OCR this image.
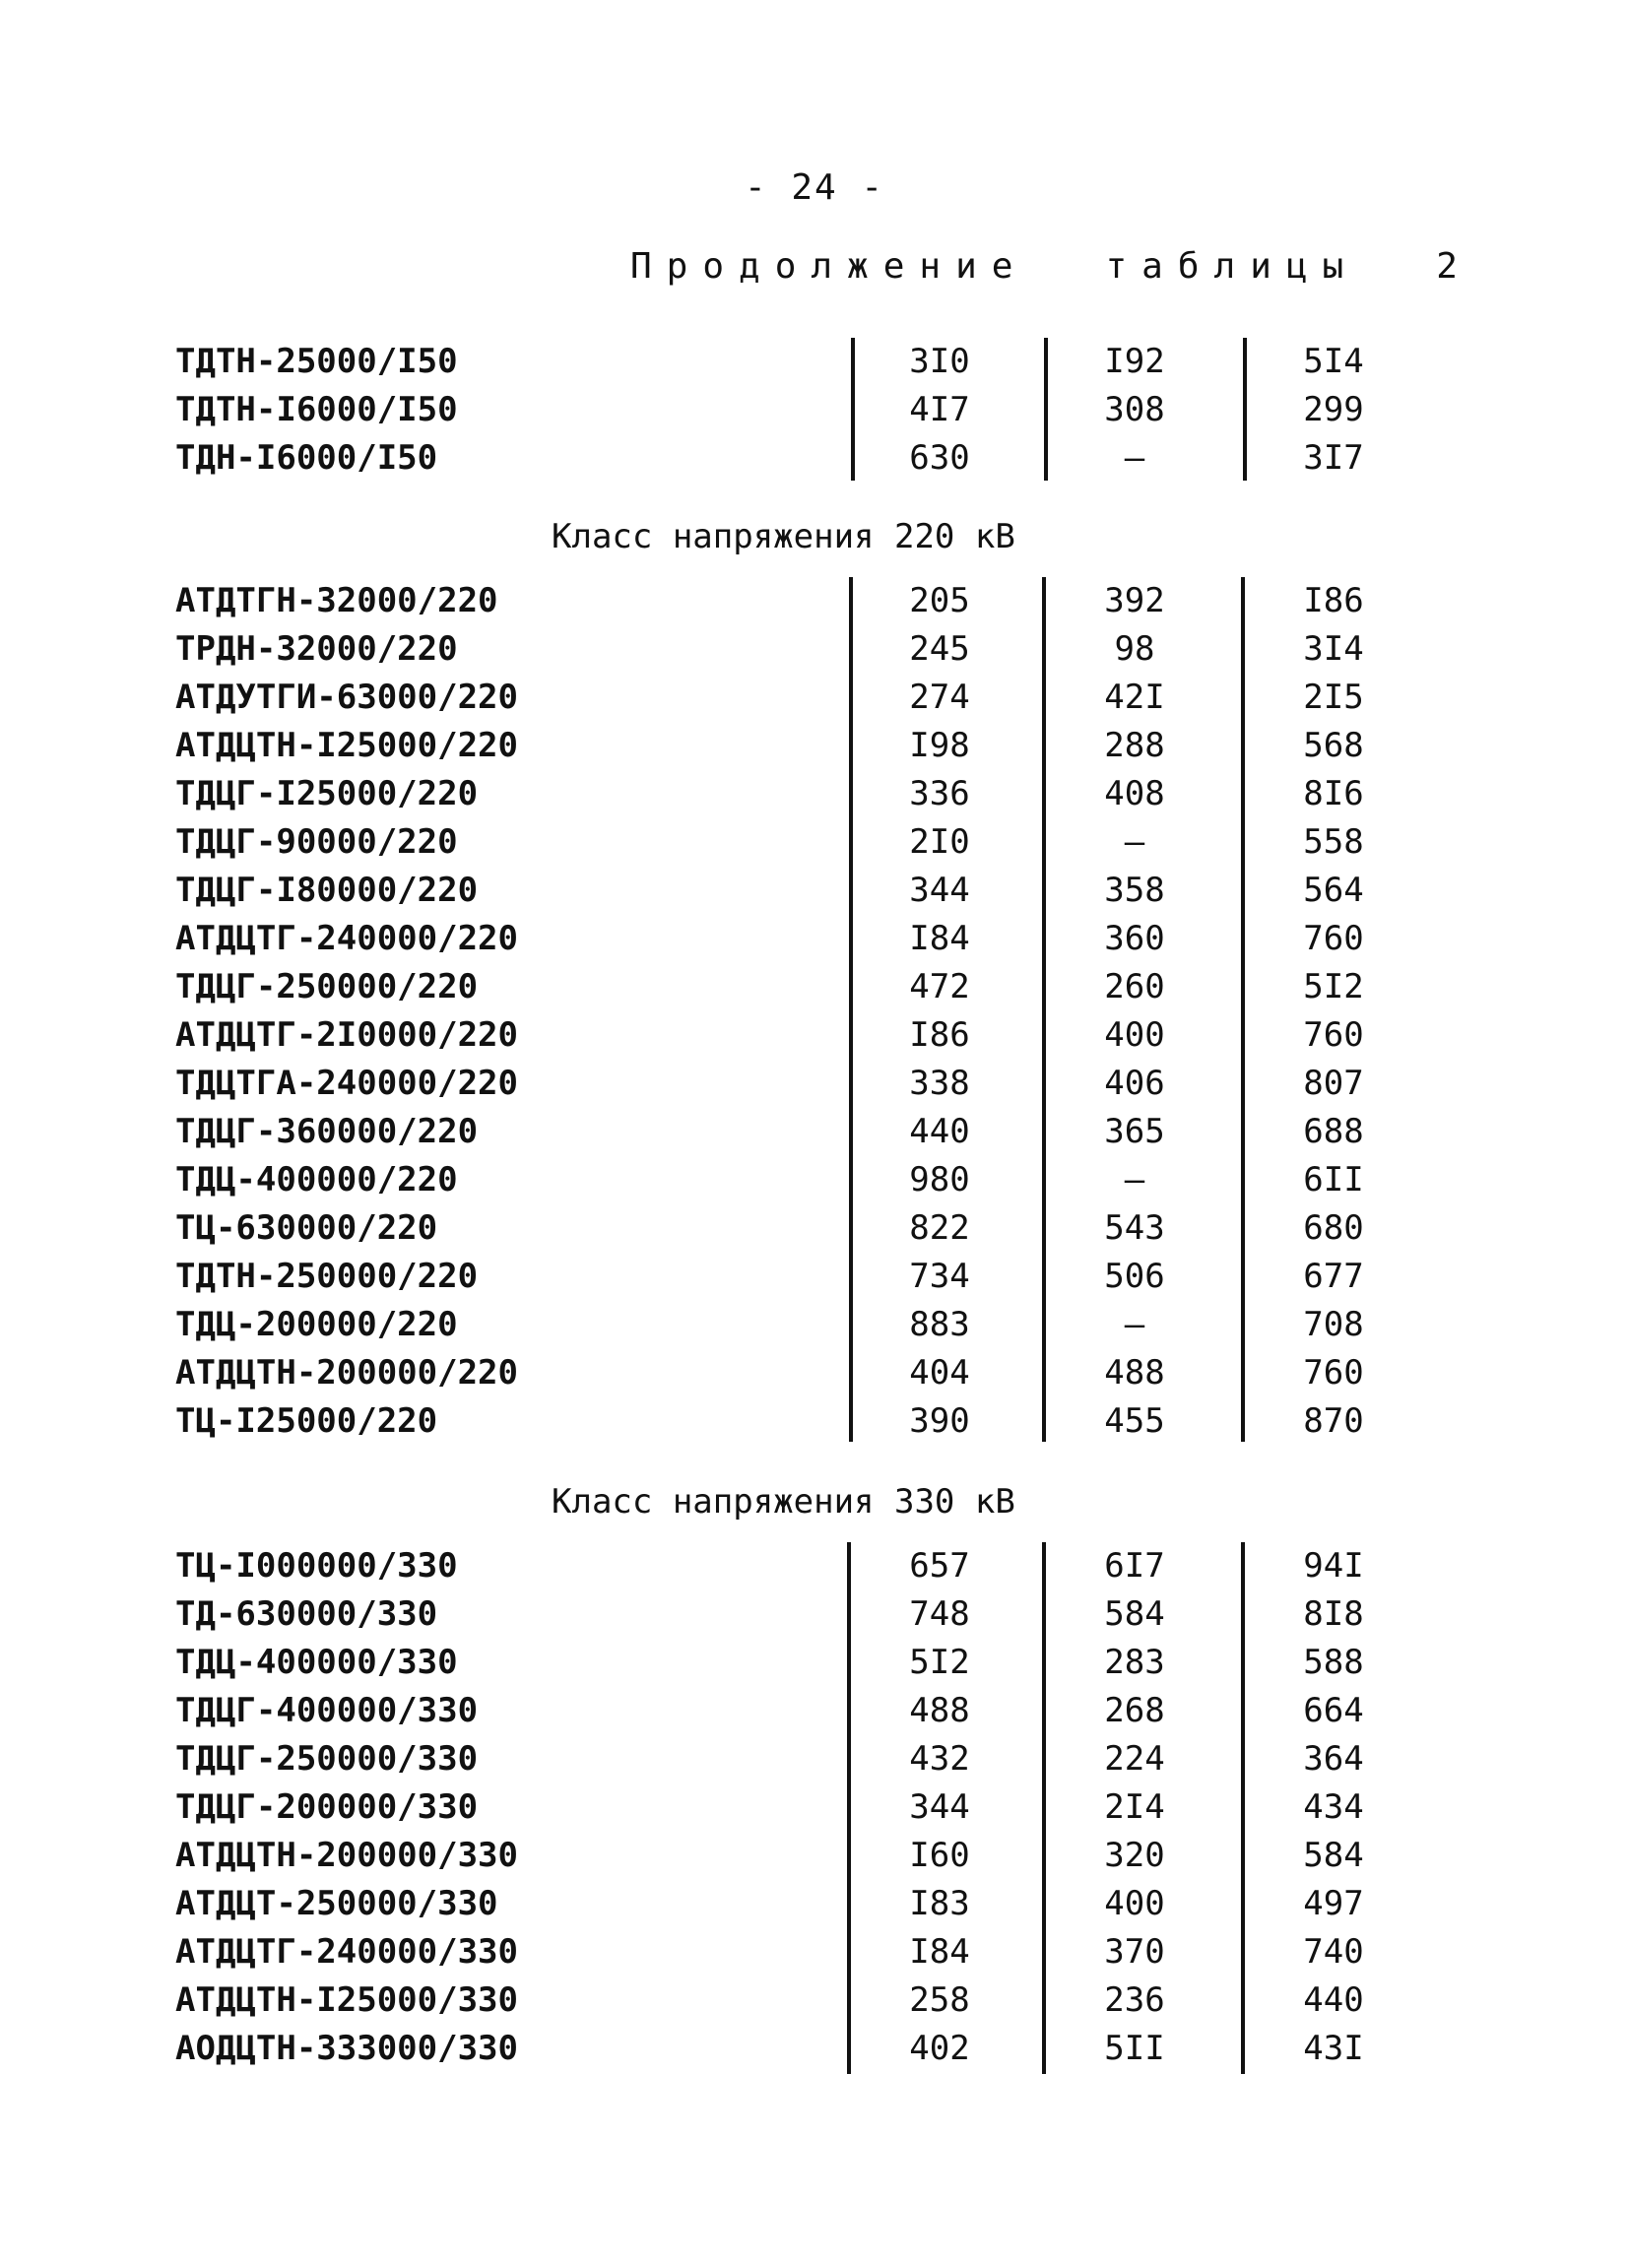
- 24 -
Продолжение таблицы 2
ТДТН-25000/I50	3I0	I92	5I4
ТДТН-I6000/I50	4I7	308	299
ТДН-I6000/I50	630	–	3I7
Класс напряжения 220 кВ
АТДТГН-32000/220	205	392	I86
ТРДН-32000/220	245	98	3I4
АТДУТГИ-63000/220	274	42I	2I5
АТДЦТН-I25000/220	I98	288	568
ТДЦГ-I25000/220	336	408	8I6
ТДЦГ-90000/220	2I0	–	558
ТДЦГ-I80000/220	344	358	564
АТДЦТГ-240000/220	I84	360	760
ТДЦГ-250000/220	472	260	5I2
АТДЦТГ-2I0000/220	I86	400	760
ТДЦТГА-240000/220	338	406	807
ТДЦГ-360000/220	440	365	688
ТДЦ-400000/220	980	–	6II
ТЦ-630000/220	822	543	680
ТДТН-250000/220	734	506	677
ТДЦ-200000/220	883	–	708
АТДЦТН-200000/220	404	488	760
ТЦ-I25000/220	390	455	870
Класс напряжения 330 кВ
ТЦ-I000000/330	657	6I7	94I
ТД-630000/330	748	584	8I8
ТДЦ-400000/330	5I2	283	588
ТДЦГ-400000/330	488	268	664
ТДЦГ-250000/330	432	224	364
ТДЦГ-200000/330	344	2I4	434
АТДЦТН-200000/330	I60	320	584
АТДЦТ-250000/330	I83	400	497
АТДЦТГ-240000/330	I84	370	740
АТДЦТН-I25000/330	258	236	440
АОДЦТН-333000/330	402	5II	43I
